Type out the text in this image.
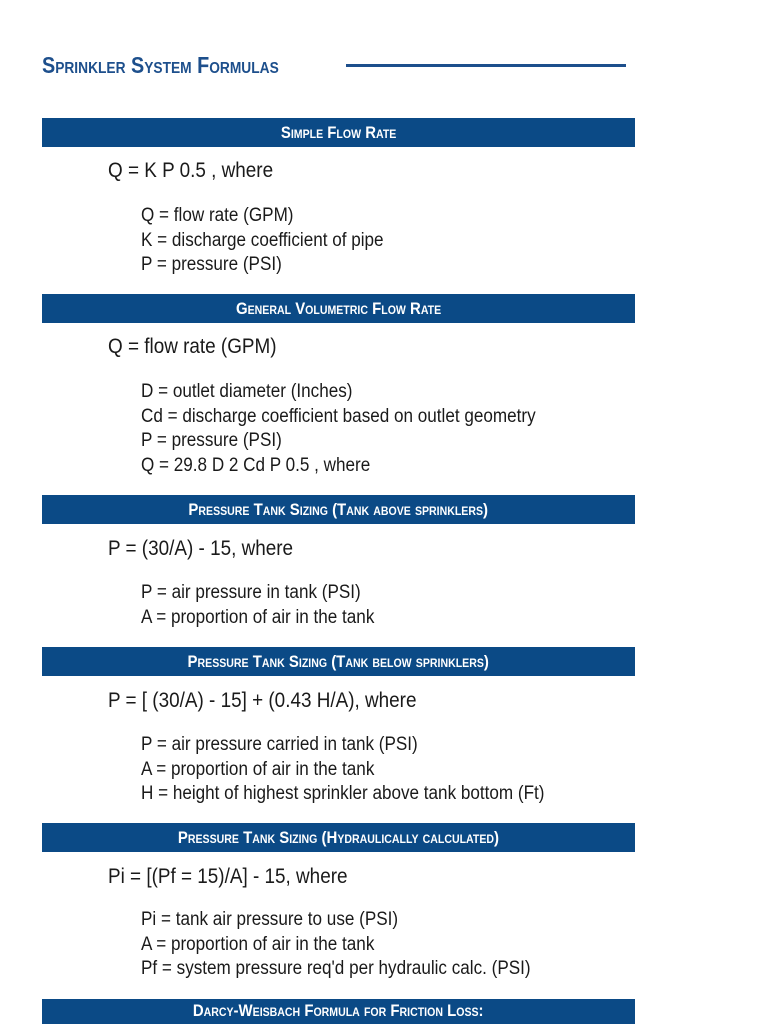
Sprinkler System Formulas
Simple Flow Rate
Q = K P 0.5 , where
Q = flow rate (GPM)
K = discharge coefficient of pipe
P = pressure (PSI)
General Volumetric Flow Rate
Q = flow rate (GPM)
D = outlet diameter (Inches)
Cd = discharge coefficient based on outlet geometry
P = pressure (PSI)
Q = 29.8 D 2 Cd P 0.5 , where
Pressure Tank Sizing (Tank above sprinklers)
P = (30/A) - 15, where
P = air pressure in tank (PSI)
A = proportion of air in the tank
Pressure Tank Sizing (Tank below sprinklers)
P = [ (30/A) - 15] + (0.43 H/A), where
P = air pressure carried in tank (PSI)
A = proportion of air in the tank
H = height of highest sprinkler above tank bottom (Ft)
Pressure Tank Sizing (Hydraulically calculated)
Pi = [(Pf = 15)/A] - 15, where
Pi = tank air pressure to use (PSI)
A = proportion of air in the tank
Pf = system pressure req'd per hydraulic calc. (PSI)
Darcy-Weisbach Formula for Friction Loss:
